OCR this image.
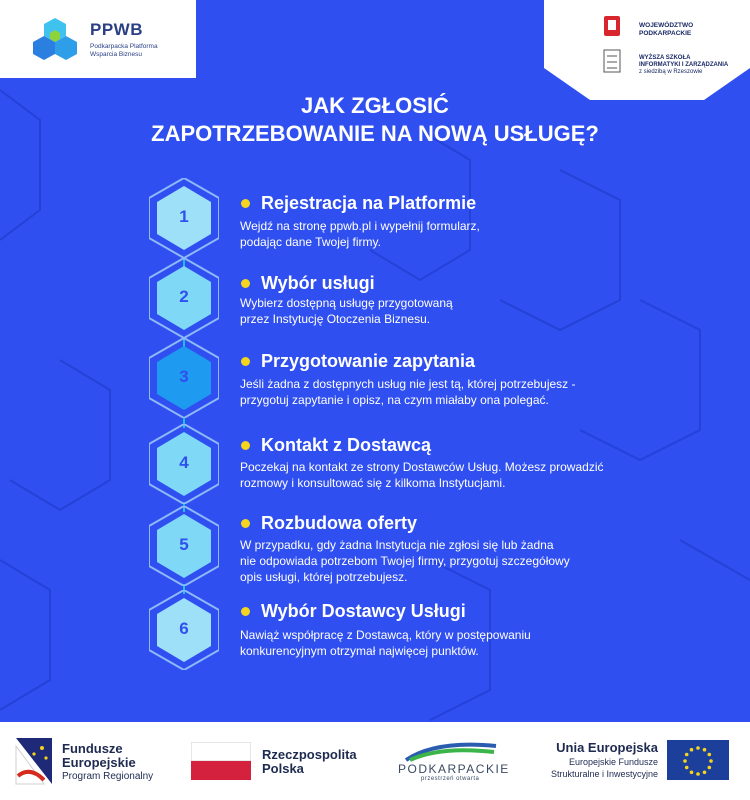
PPWB
Podkarpacka Platforma
Wsparcia Biznesu
WOJEWÓDZTWO
PODKARPACKIE
WYŻSZA SZKOŁA
INFORMATYKI I ZARZĄDZANIA
z siedzibą w Rzeszowie
JAK ZGŁOSIĆ
ZAPOTRZEBOWANIE NA NOWĄ USŁUGĘ?
1
Rejestracja na Platformie
Wejdź na stronę ppwb.pl i wypełnij formularz,
podając dane Twojej firmy.
2
Wybór usługi
Wybierz dostępną usługę przygotowaną
przez Instytucję Otoczenia Biznesu.
3
Przygotowanie zapytania
Jeśli żadna z dostępnych usług nie jest tą, której potrzebujesz -
przygotuj zapytanie i opisz, na czym miałaby ona polegać.
4
Kontakt z Dostawcą
Poczekaj na kontakt ze strony Dostawców Usług. Możesz prowadzić
rozmowy i konsultować się z kilkoma Instytucjami.
5
Rozbudowa oferty
W przypadku, gdy żadna Instytucja nie zgłosi się lub żadna
nie odpowiada potrzebom Twojej firmy, przygotuj szczegółowy
opis usługi, której potrzebujesz.
6
Wybór Dostawcy Usługi
Nawiąż współpracę z Dostawcą, który w postępowaniu
konkurencyjnym otrzymał najwięcej punktów.
Fundusze
Europejskie
Program Regionalny
Rzeczpospolita
Polska	PODKARPACKIE
przestrzeń otwarta
Unia Europejska
Europejskie Fundusze
Strukturalne i Inwestycyjne
